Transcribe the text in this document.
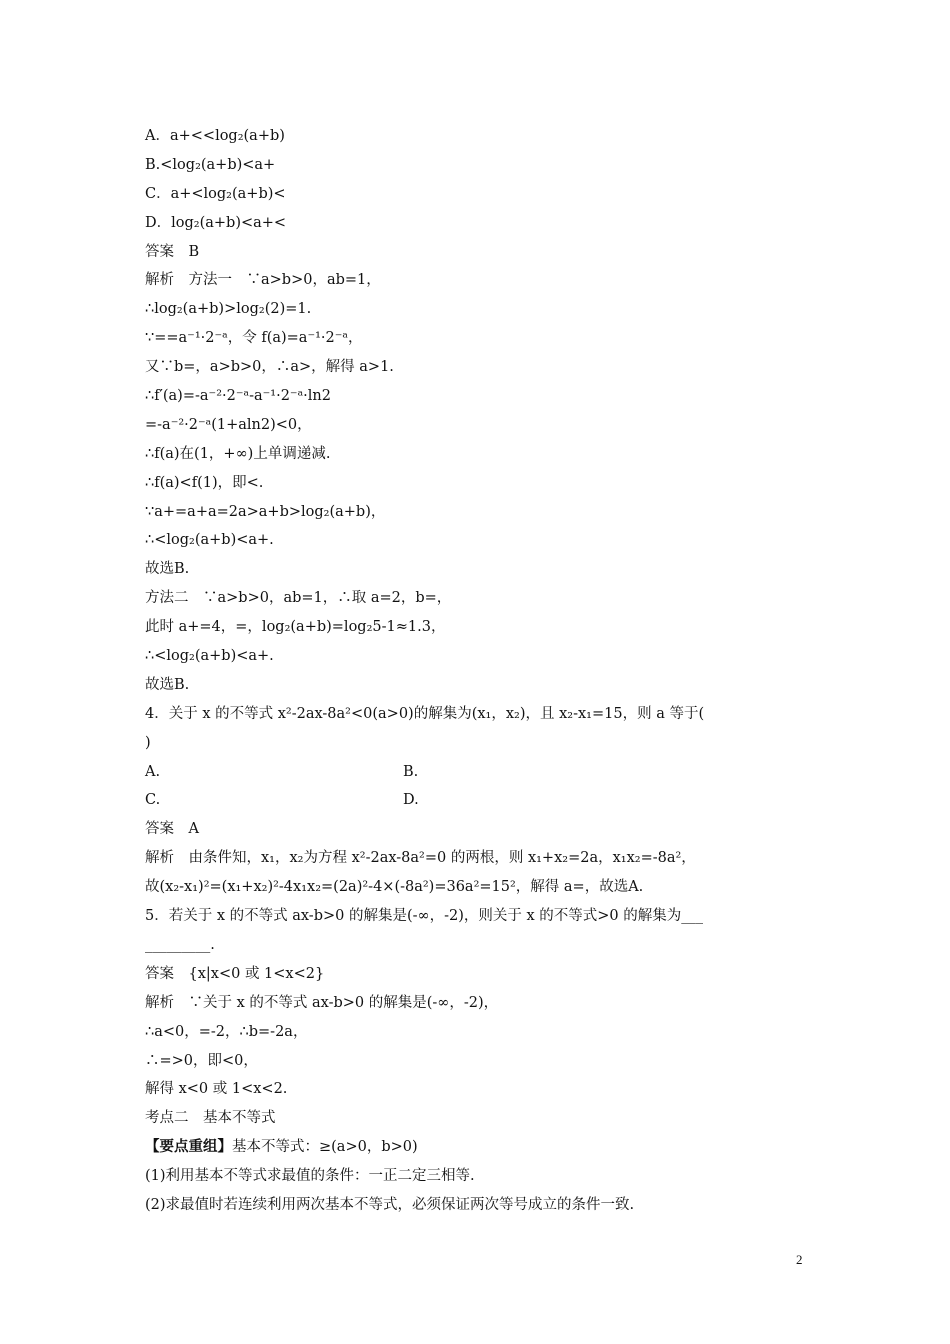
A．a+<<log₂(a+b)
B.<log₂(a+b)<a+
C．a+<log₂(a+b)<
D．log₂(a+b)<a+<
答案　B
解析　方法一　∵a>b>0，ab=1，
∴log₂(a+b)>log₂(2)=1.
∵==a⁻¹·2⁻ᵃ，令 f(a)=a⁻¹·2⁻ᵃ，
又∵b=，a>b>0，∴a>，解得 a>1.
∴f′(a)=-a⁻²·2⁻ᵃ-a⁻¹·2⁻ᵃ·ln2
=-a⁻²·2⁻ᵃ(1+aln2)<0，
∴f(a)在(1，+∞)上单调递减.
∴f(a)<f(1)，即<.
∵a+=a+a=2a>a+b>log₂(a+b)，
∴<log₂(a+b)<a+.
故选B.
方法二　∵a>b>0，ab=1，∴取 a=2，b=，
此时 a+=4，=，log₂(a+b)=log₂5-1≈1.3，
∴<log₂(a+b)<a+.
故选B.
4．关于 x 的不等式 x²-2ax-8a²<0(a>0)的解集为(x₁，x₂)，且 x₂-x₁=15，则 a 等于(
)
A.	B.
C.	D.
答案　A
解析　由条件知，x₁，x₂为方程 x²-2ax-8a²=0 的两根，则 x₁+x₂=2a，x₁x₂=-8a²，
故(x₂-x₁)²=(x₁+x₂)²-4x₁x₂=(2a)²-4×(-8a²)=36a²=15²，解得 a=，故选A.
5．若关于 x 的不等式 ax-b>0 的解集是(-∞，-2)，则关于 x 的不等式>0 的解集为___
_________.
答案　{x|x<0 或 1<x<2}
解析　∵关于 x 的不等式 ax-b>0 的解集是(-∞，-2)，
∴a<0，=-2，∴b=-2a，
∴=>0，即<0，
解得 x<0 或 1<x<2.
考点二　基本不等式
【要点重组】基本不等式：≥(a>0，b>0)
(1)利用基本不等式求最值的条件：一正二定三相等.
(2)求最值时若连续利用两次基本不等式，必须保证两次等号成立的条件一致.
2
